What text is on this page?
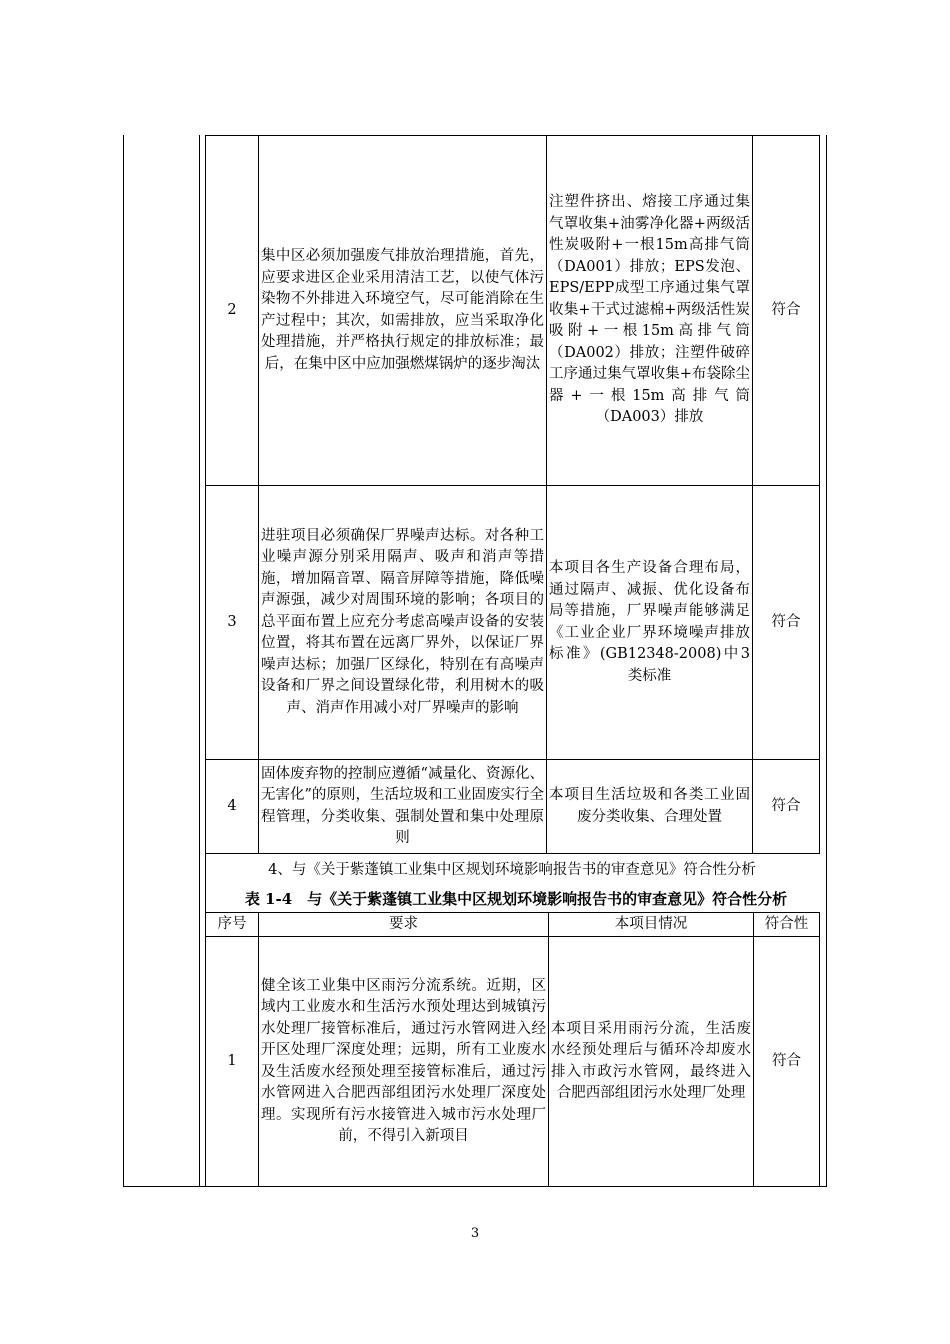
2	集中区必须加强废气排放治理措施，首先，应要求进区企业采用清洁工艺，以使气体污染物不外排进入环境空气，尽可能消除在生产过程中；其次，如需排放，应当采取净化处理措施，并严格执行规定的排放标准；最后，在集中区中应加强燃煤锅炉的逐步淘汰	注塑件挤出、熔接工序通过集气罩收集+油雾净化器+两级活性炭吸附+一根15m高排气筒（DA001）排放；EPS发泡、EPS/EPP成型工序通过集气罩收集+干式过滤棉+两级活性炭吸附+一根15m高排气筒（DA002）排放；注塑件破碎工序通过集气罩收集+布袋除尘器+一根15m高排气筒（DA003）排放	符合
3	进驻项目必须确保厂界噪声达标。对各种工业噪声源分别采用隔声、吸声和消声等措施，增加隔音罩、隔音屏障等措施，降低噪声源强，减少对周围环境的影响；各项目的总平面布置上应充分考虑高噪声设备的安装位置，将其布置在远离厂界外，以保证厂界噪声达标；加强厂区绿化，特别在有高噪声设备和厂界之间设置绿化带，利用树木的吸声、消声作用减小对厂界噪声的影响	本项目各生产设备合理布局，通过隔声、减振、优化设备布局等措施，厂界噪声能够满足《工业企业厂界环境噪声排放标准》(GB12348-2008)中3类标准	符合
4	固体废弃物的控制应遵循“减量化、资源化、无害化”的原则，生活垃圾和工业固废实行全程管理，分类收集、强制处置和集中处理原则	本项目生活垃圾和各类工业固废分类收集、合理处置	符合
4、与《关于紫蓬镇工业集中区规划环境影响报告书的审查意见》符合性分析
表 1-4　与《关于紫蓬镇工业集中区规划环境影响报告书的审查意见》符合性分析
序号	要求	本项目情况	符合性
1	健全该工业集中区雨污分流系统。近期，区域内工业废水和生活污水预处理达到城镇污水处理厂接管标准后，通过污水管网进入经开区处理厂深度处理；远期，所有工业废水及生活废水经预处理至接管标准后，通过污水管网进入合肥西部组团污水处理厂深度处理。实现所有污水接管进入城市污水处理厂前，不得引入新项目	本项目采用雨污分流，生活废水经预处理后与循环冷却废水排入市政污水管网，最终进入合肥西部组团污水处理厂处理	符合
3
